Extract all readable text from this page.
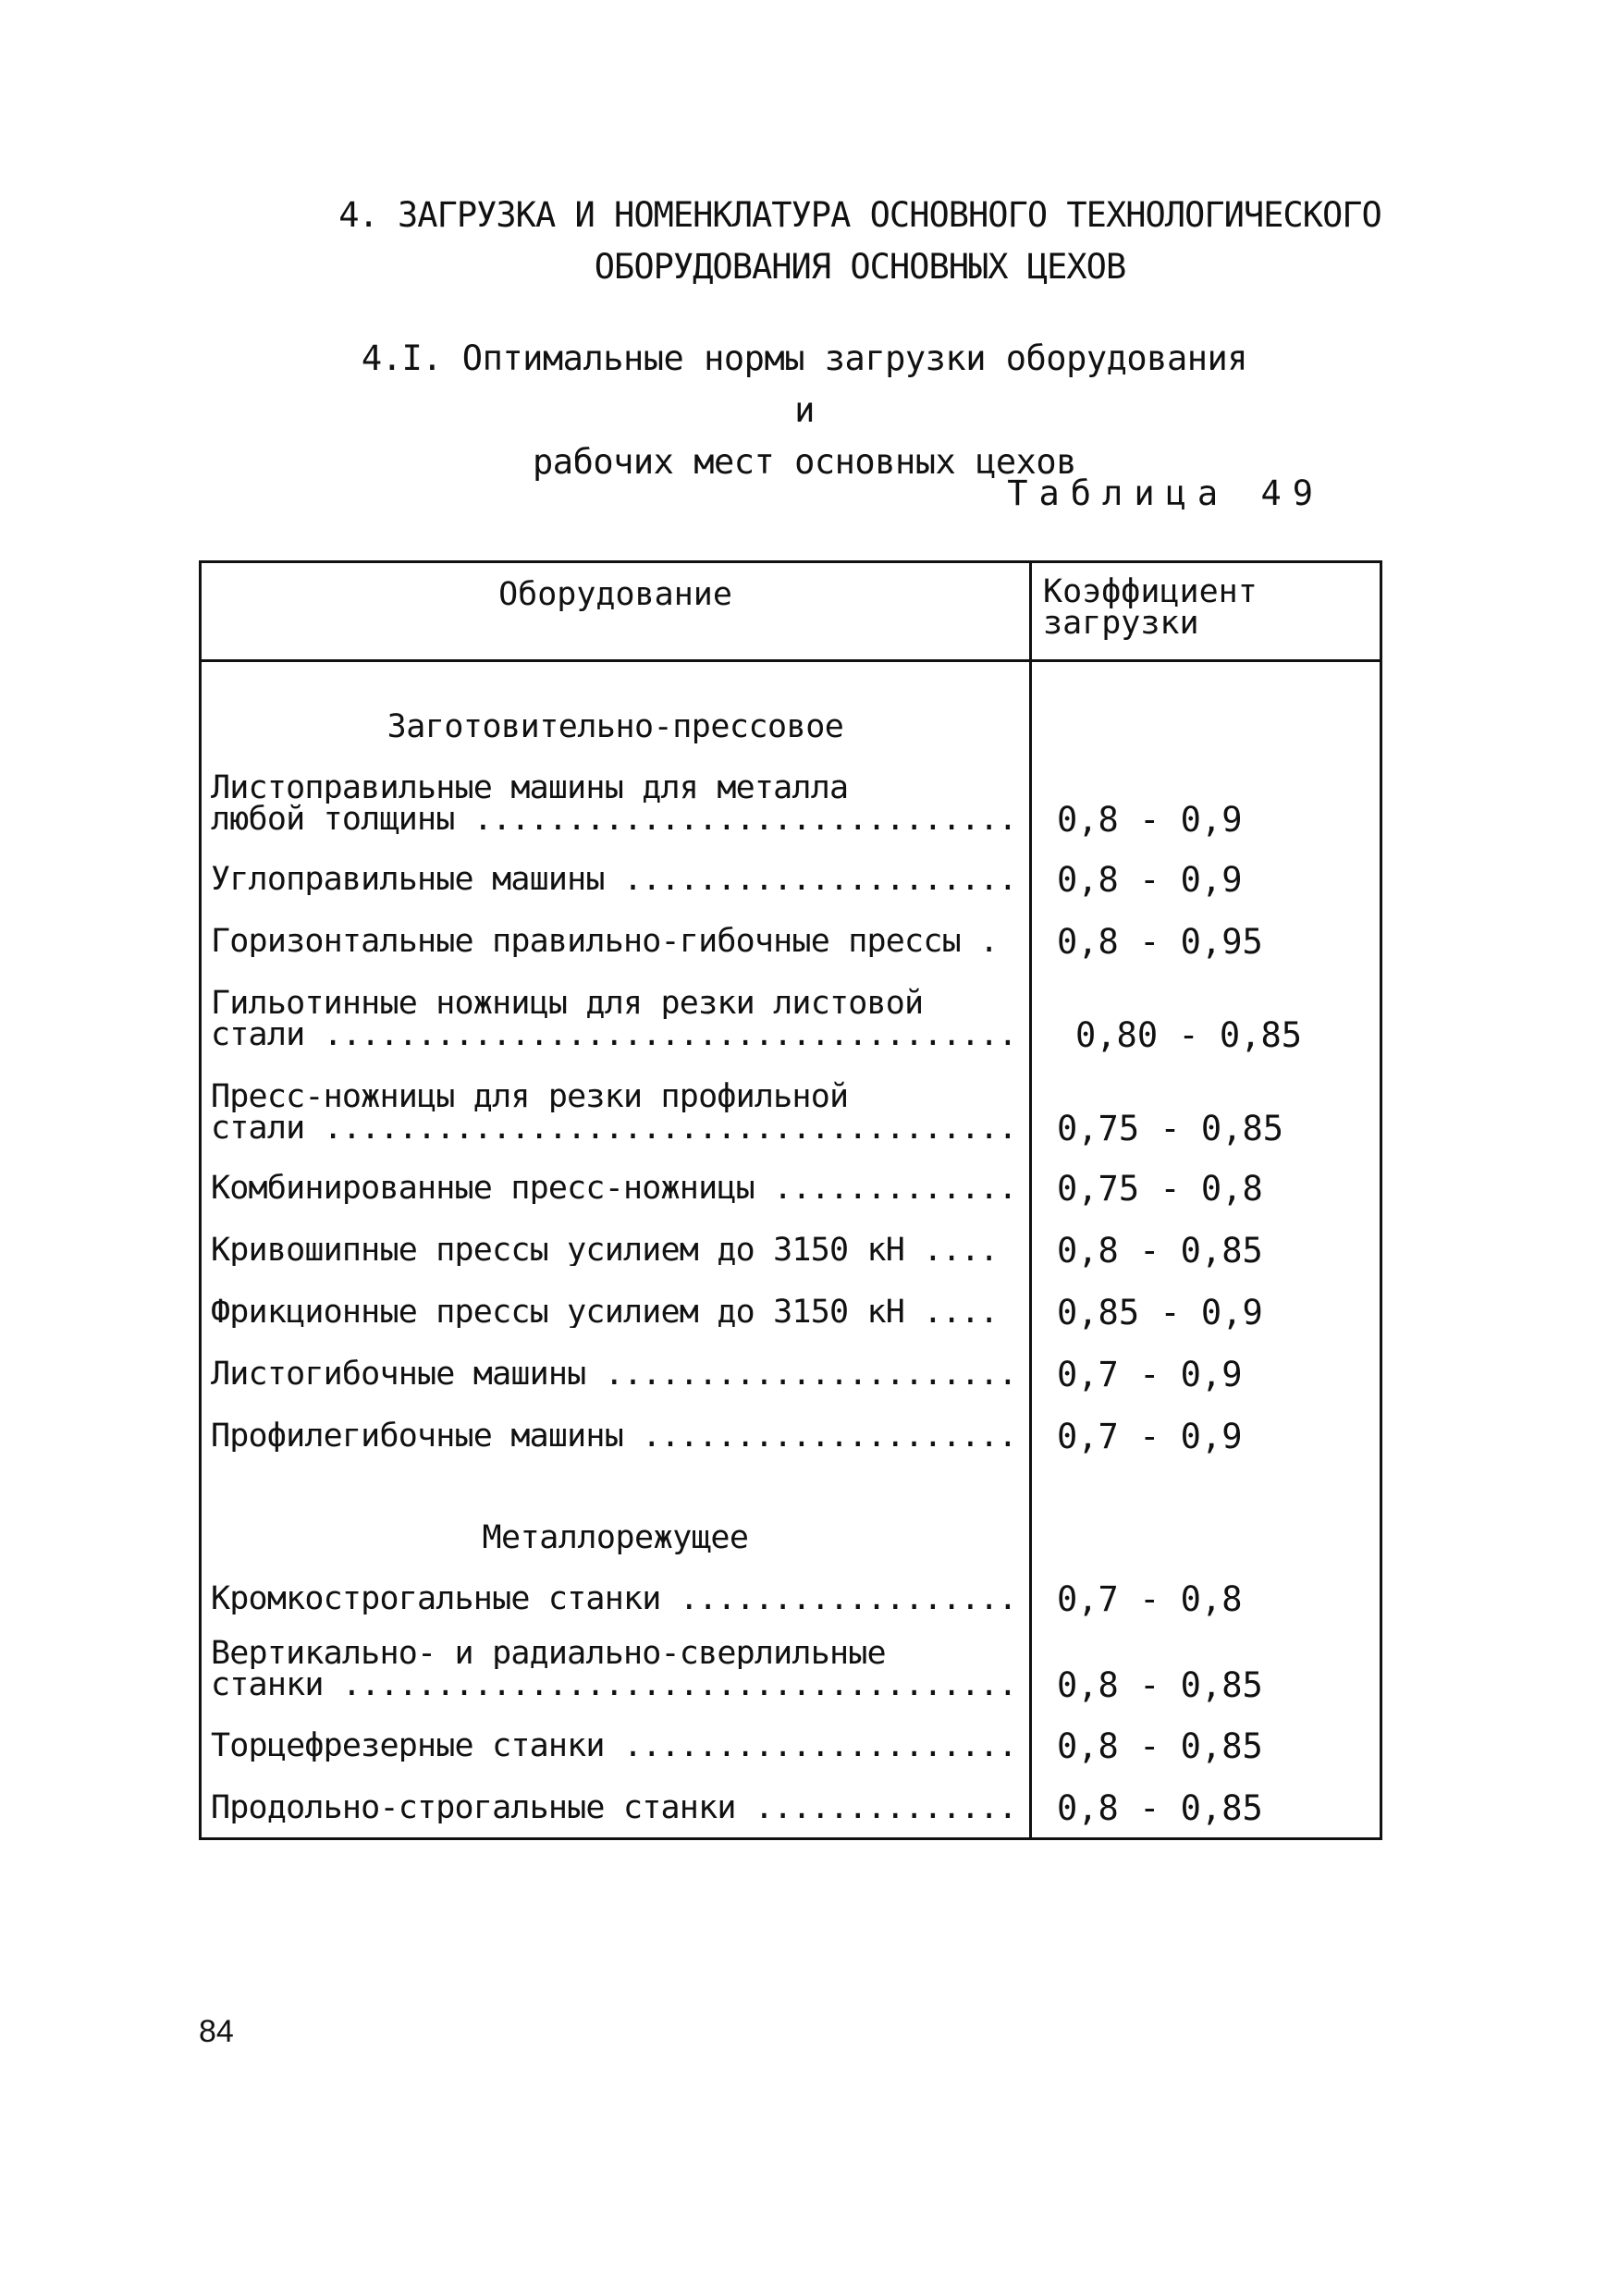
4. ЗАГРУЗКА И НОМЕНКЛАТУРА ОСНОВНОГО ТЕХНОЛОГИЧЕСКОГО
ОБОРУДОВАНИЯ ОСНОВНЫХ ЦЕХОВ
4.I. Оптимальные нормы загрузки оборудования и
рабочих мест основных цехов
Таблица 49
Оборудование	Коэффициент
загрузки
Заготовительно-прессовое
Листоправильные машины для металла
любой толщины .....	0,8 - 0,9
Углоправильные машины .....	0,8 - 0,9
Горизонтальные правильно-гибочные прессы .	0,8 - 0,95
Гильотинные ножницы для резки листовой
стали .....	0,80 - 0,85
Пресс-ножницы для резки профильной
стали .....	0,75 - 0,85
Комбинированные пресс-ножницы .....	0,75 - 0,8
Кривошипные прессы усилием до 3150 кН ....	0,8 - 0,85
Фрикционные прессы усилием до 3150 кН ....	0,85 - 0,9
Листогибочные машины .....	0,7 - 0,9
Профилегибочные машины .....	0,7 - 0,9
Металлорежущее
Кромкострогальные станки .....	0,7 - 0,8
Вертикально- и радиально-сверлильные
станки .....	0,8 - 0,85
Торцефрезерные станки .....	0,8 - 0,85
Продольно-строгальные станки .....	0,8 - 0,85
84
